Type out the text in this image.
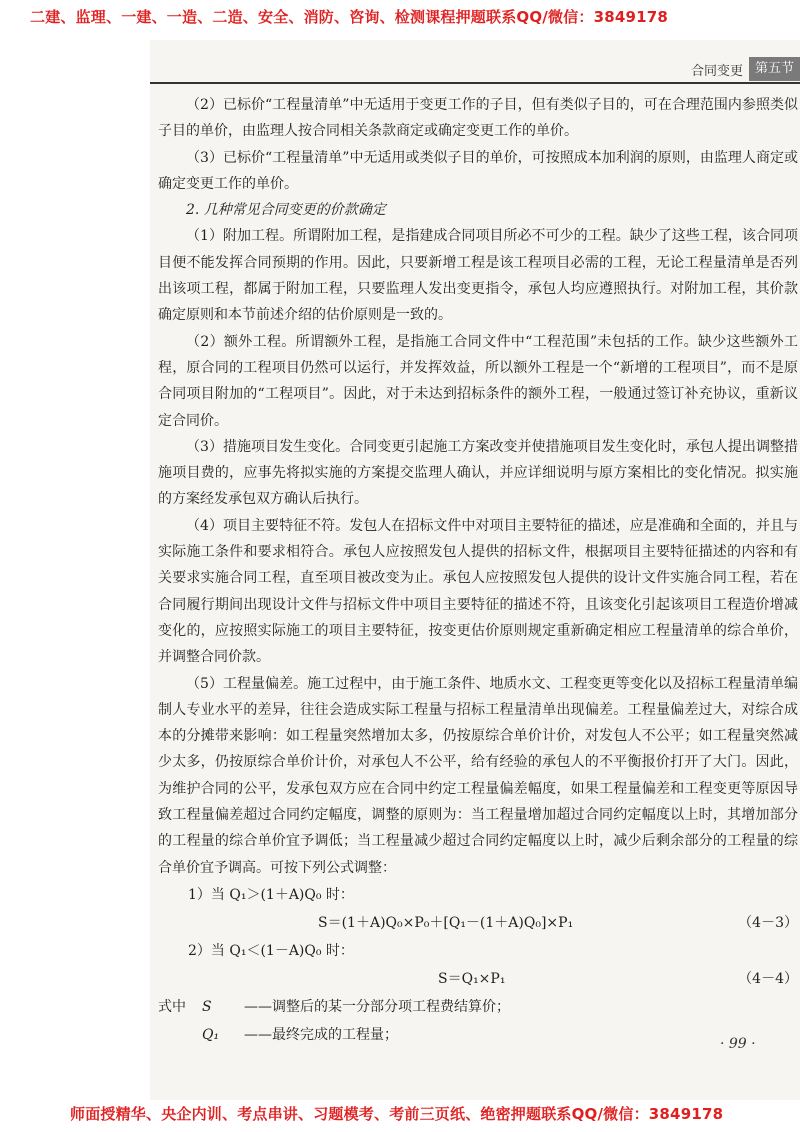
二建、监理、一建、一造、二造、安全、消防、咨询、检测课程押题联系QQ/微信：3849178
合同变更 第五节

（2）已标价“工程量清单”中无适用于变更工作的子目，但有类似子目的，可在合理范围内参照类似子目的单价，由监理人按合同相关条款商定或确定变更工作的单价。

（3）已标价“工程量清单”中无适用或类似子目的单价，可按照成本加利润的原则，由监理人商定或确定变更工作的单价。

2. 几种常见合同变更的价款确定

（1）附加工程。所谓附加工程，是指建成合同项目所必不可少的工程。缺少了这些工程，该合同项目便不能发挥合同预期的作用。因此，只要新增工程是该工程项目必需的工程，无论工程量清单是否列出该项工程，都属于附加工程，只要监理人发出变更指令，承包人均应遵照执行。对附加工程，其价款确定原则和本节前述介绍的估价原则是一致的。

（2）额外工程。所谓额外工程，是指施工合同文件中“工程范围”未包括的工作。缺少这些额外工程，原合同的工程项目仍然可以运行，并发挥效益，所以额外工程是一个“新增的工程项目”，而不是原合同项目附加的“工程项目”。因此，对于未达到招标条件的额外工程，一般通过签订补充协议，重新议定合同价。

（3）措施项目发生变化。合同变更引起施工方案改变并使措施项目发生变化时，承包人提出调整措施项目费的，应事先将拟实施的方案提交监理人确认，并应详细说明与原方案相比的变化情况。拟实施的方案经发承包双方确认后执行。

（4）项目主要特征不符。发包人在招标文件中对项目主要特征的描述，应是准确和全面的，并且与实际施工条件和要求相符合。承包人应按照发包人提供的招标文件，根据项目主要特征描述的内容和有关要求实施合同工程，直至项目被改变为止。承包人应按照发包人提供的设计文件实施合同工程，若在合同履行期间出现设计文件与招标文件中项目主要特征的描述不符，且该变化引起该项目工程造价增减变化的，应按照实际施工的项目主要特征，按变更估价原则规定重新确定相应工程量清单的综合单价，并调整合同价款。

（5）工程量偏差。施工过程中，由于施工条件、地质水文、工程变更等变化以及招标工程量清单编制人专业水平的差异，往往会造成实际工程量与招标工程量清单出现偏差。工程量偏差过大，对综合成本的分摊带来影响：如工程量突然增加太多，仍按原综合单价计价，对发包人不公平；如工程量突然减少太多，仍按原综合单价计价，对承包人不公平，给有经验的承包人的不平衡报价打开了大门。因此，为维护合同的公平，发承包双方应在合同中约定工程量偏差幅度，如果工程量偏差和工程变更等原因导致工程量偏差超过合同约定幅度，调整的原则为：当工程量增加超过合同约定幅度以上时，其增加部分的工程量的综合单价宜予调低；当工程量减少超过合同约定幅度以上时，减少后剩余部分的工程量的综合单价宜予调高。可按下列公式调整：

1）当 Q₁＞(1＋A)Q₀ 时：
S＝(1＋A)Q₀×P₀＋[Q₁－(1＋A)Q₀]×P₁	（4－3）
2）当 Q₁＜(1－A)Q₀ 时：
S＝Q₁×P₁	（4－4）
式中 S ——调整后的某一分部分项工程费结算价；
Q₁ ——最终完成的工程量；
· 99 ·
师面授精华、央企内训、考点串讲、习题模考、考前三页纸、绝密押题联系QQ/微信：3849178
